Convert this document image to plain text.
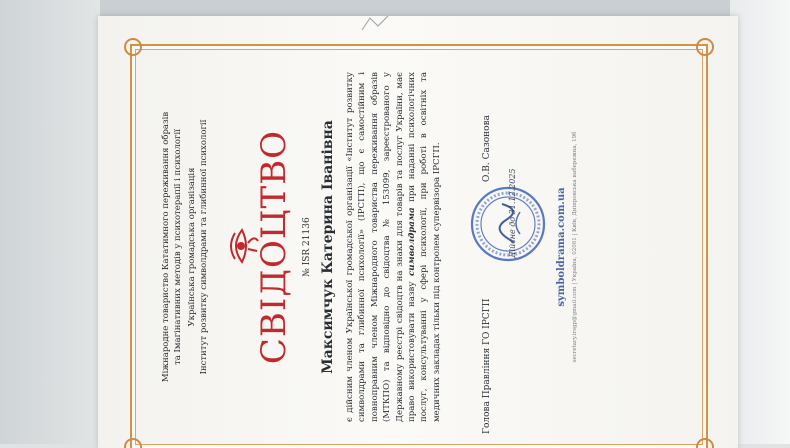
Міжнародне товариство Кататимного переживання образів та Імагінативних методів у психотерапії і психології Українська громадська організація Інститут розвитку символдрами та глибинної психології СВІДОЦТВО № ISR 21136 Максимчук Катерина Іванівна є дійсним членом Української громадської організації «Інститут розвитку символдрами та глибинної психології» (ІРСГП), що є самостійним і повноправним членом Міжнародного товариства переживання образів (МТКПО) та відповідно до свідоцтва № 153099, зареєстрованого у Державному реєстрі свідоцтв на знаки для товарів та послуг України, має право використовувати назву символдрама при наданні психологічних послуг, консультуванні у сфері психології, при роботі в освітніх та медичних закладах тільки під контролем супервізора ІРСГП.	Голова Правління ГО ІРСГП
О.В. Сазонова
Дійсне до 31.12.2025	symboldrama.com.ua secretary.irsgp@gmail.com | Україна, 02081 | Київ, Дніпровська набережна, 19б
